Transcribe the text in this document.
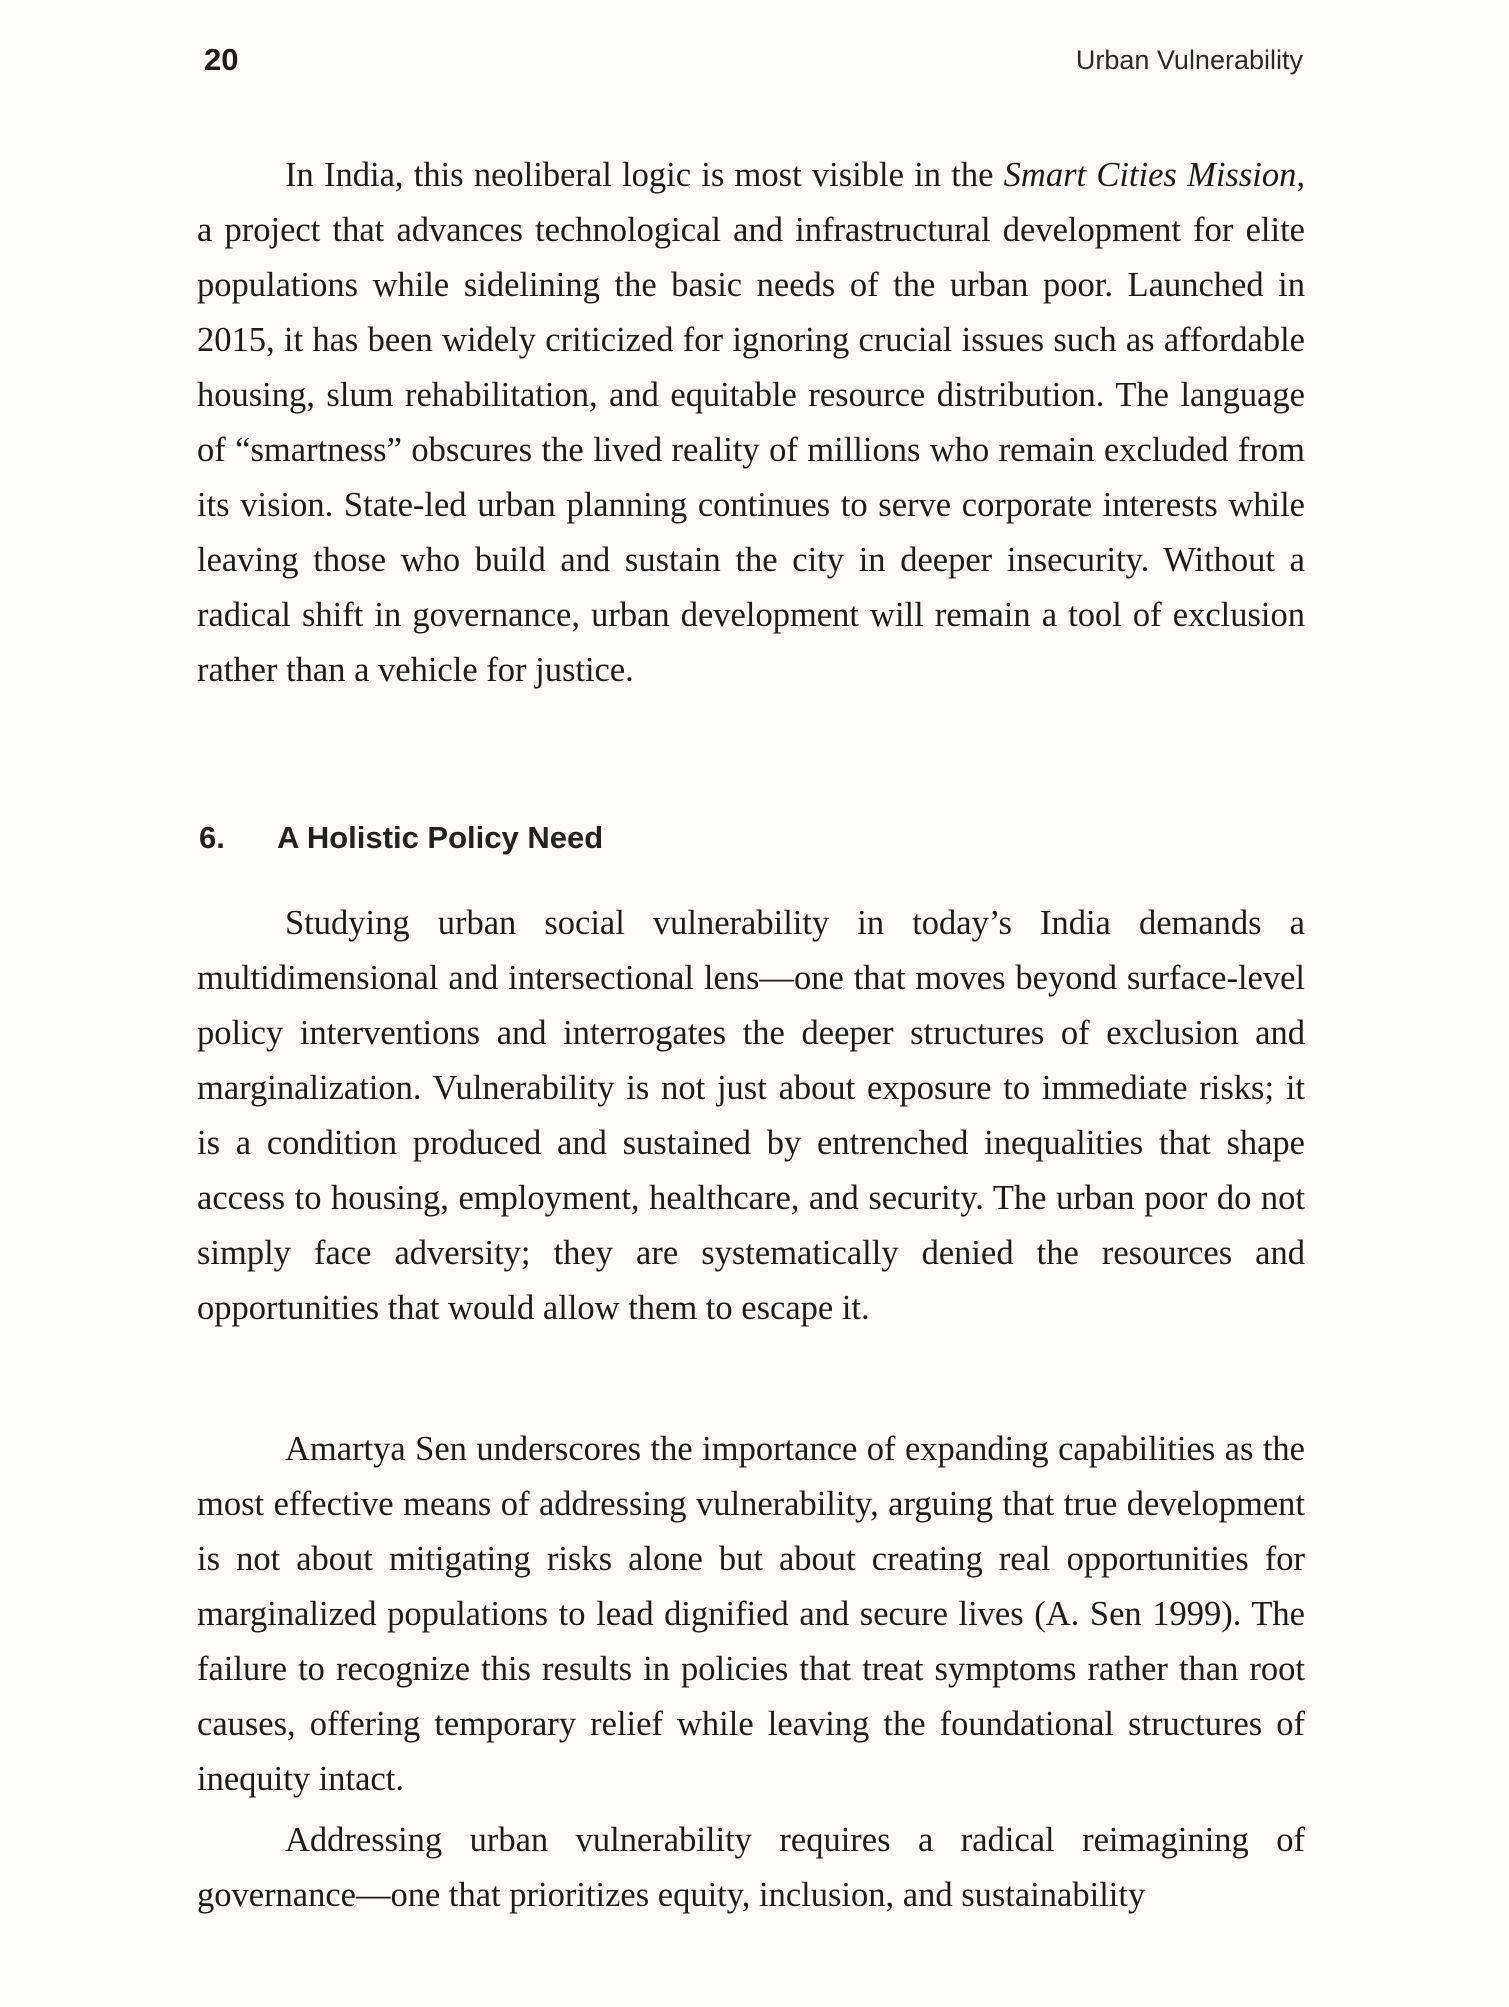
20	Urban Vulnerability

In India, this neoliberal logic is most visible in the Smart Cities Mission, a project that advances technological and infrastructural development for elite populations while sidelining the basic needs of the urban poor. Launched in 2015, it has been widely criticized for ignoring crucial issues such as affordable housing, slum rehabilitation, and equitable resource distribution. The language of “smartness” obscures the lived reality of millions who remain excluded from its vision. State-led urban planning continues to serve corporate interests while leaving those who build and sustain the city in deeper insecurity. Without a radical shift in governance, urban development will remain a tool of exclusion rather than a vehicle for justice.

6. A Holistic Policy Need

Studying urban social vulnerability in today’s India demands a multidimensional and intersectional lens—one that moves beyond surface-level policy interventions and interrogates the deeper structures of exclusion and marginalization. Vulnerability is not just about exposure to immediate risks; it is a condition produced and sustained by entrenched inequalities that shape access to housing, employment, healthcare, and security. The urban poor do not simply face adversity; they are systematically denied the resources and opportunities that would allow them to escape it.

Amartya Sen underscores the importance of expanding capabilities as the most effective means of addressing vulnerability, arguing that true development is not about mitigating risks alone but about creating real opportunities for marginalized populations to lead dignified and secure lives (A. Sen 1999). The failure to recognize this results in policies that treat symptoms rather than root causes, offering temporary relief while leaving the foundational structures of inequity intact.

Addressing urban vulnerability requires a radical reimagining of governance—one that prioritizes equity, inclusion, and sustainability
